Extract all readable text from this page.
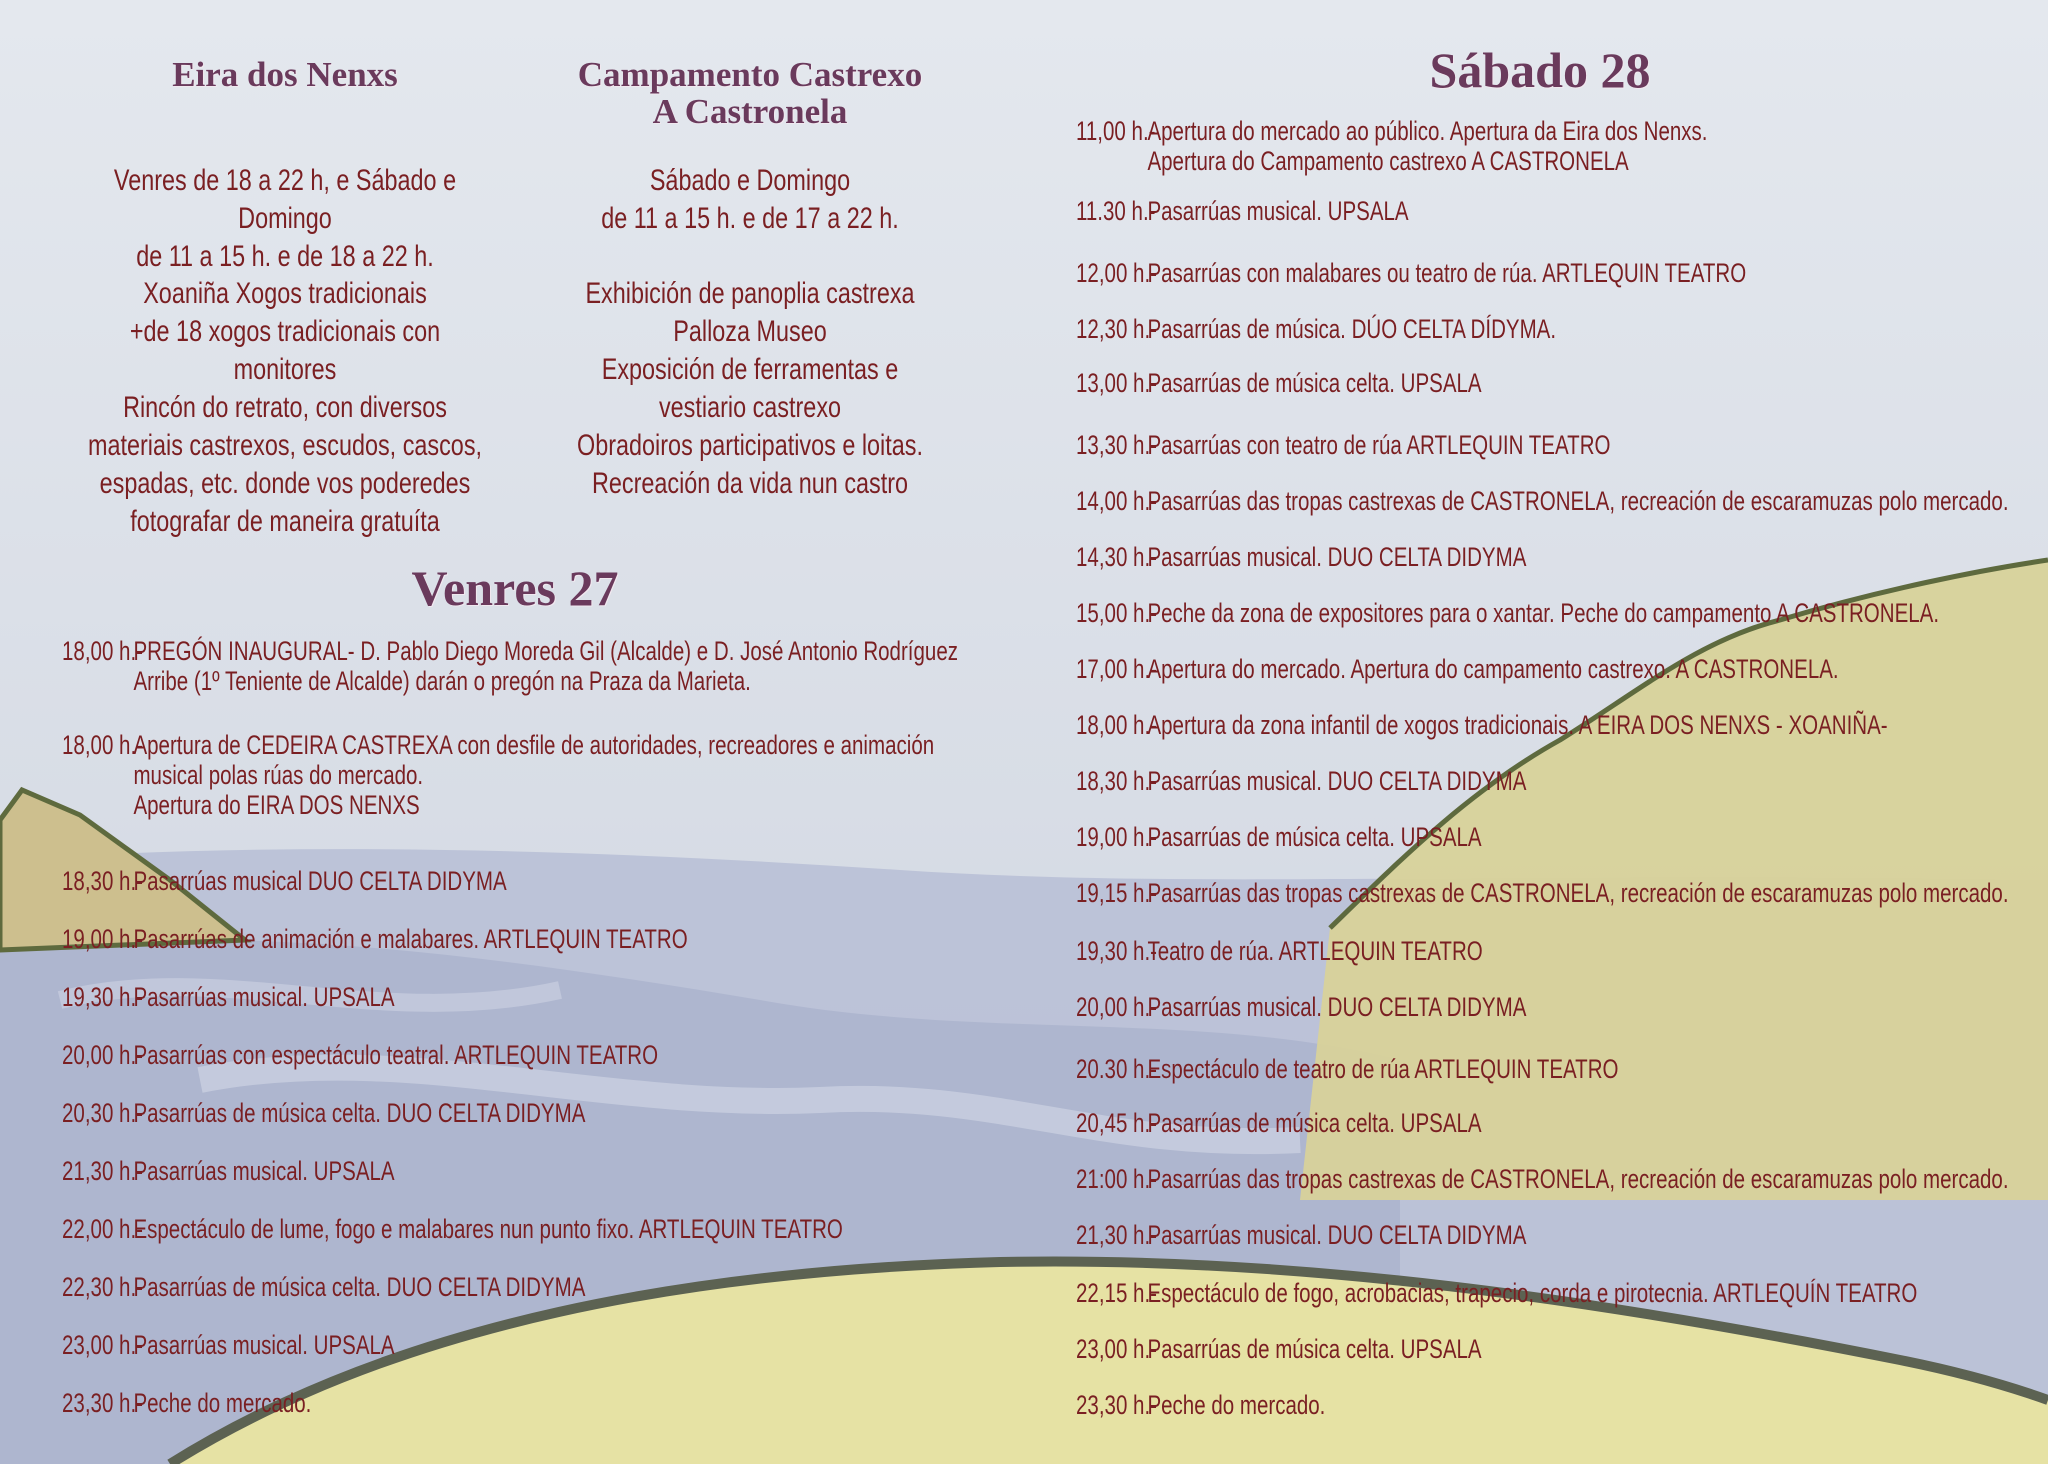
Eira dos Nenxs

Venres de 18 a 22 h, e Sábado e Domingo

de 11 a 15 h. e de 18 a 22 h.

Xoaniña Xogos tradicionais

+de 18 xogos tradicionais con monitores

Rincón do retrato, con diversos

materiais castrexos, escudos, cascos,

espadas, etc. donde vos poderedes

fotografar de maneira gratuíta

Campamento Castrexo
A Castronela

Sábado e Domingo

de 11 a 15 h. e de 17 a 22 h.

Exhibición de panoplia castrexa

Palloza Museo

Exposición de ferramentas e

vestiario castrexo

Obradoiros participativos e loitas.

Recreación da vida nun castro

Venres 27
18,00 h.-
PREGÓN INAUGURAL- D. Pablo Diego Moreda Gil (Alcalde) e D. José Antonio Rodríguez
Arribe (1º Teniente de Alcalde) darán o pregón na Praza da Marieta.
18,00 h.-
Apertura de CEDEIRA CASTREXA con desfile de autoridades, recreadores e animación
musical polas rúas do mercado.
Apertura do EIRA DOS NENXS
18,30 h.-
Pasarrúas musical DUO CELTA DIDYMA
19,00 h.-
Pasarrúas de animación e malabares. ARTLEQUIN TEATRO
19,30 h.-
Pasarrúas musical. UPSALA
20,00 h.-
Pasarrúas con espectáculo teatral. ARTLEQUIN TEATRO
20,30 h.-
Pasarrúas de música celta. DUO CELTA DIDYMA
21,30 h.-
Pasarrúas musical. UPSALA
22,00 h.-
Espectáculo de lume, fogo e malabares nun punto fixo. ARTLEQUIN TEATRO
22,30 h.-
Pasarrúas de música celta. DUO CELTA DIDYMA
23,00 h.-
Pasarrúas musical. UPSALA
23,30 h.-
Peche do mercado.
Sábado 28
11,00 h.-
Apertura do mercado ao público. Apertura da Eira dos Nenxs.
Apertura do Campamento castrexo A CASTRONELA
11.30 h.-
Pasarrúas musical. UPSALA
12,00 h.-
Pasarrúas con malabares ou teatro de rúa. ARTLEQUIN TEATRO
12,30 h.-
Pasarrúas de música. DÚO CELTA DÍDYMA.
13,00 h.-
Pasarrúas de música celta. UPSALA
13,30 h.-
Pasarrúas con teatro de rúa ARTLEQUIN TEATRO
14,00 h.-
Pasarrúas das tropas castrexas de CASTRONELA, recreación de escaramuzas polo mercado.
14,30 h.-
Pasarrúas musical. DUO CELTA DIDYMA
15,00 h.-
Peche da zona de expositores para o xantar. Peche do campamento A CASTRONELA.
17,00 h.-
Apertura do mercado. Apertura do campamento castrexo. A CASTRONELA.
18,00 h.-
Apertura da zona infantil de xogos tradicionais. A EIRA DOS NENXS - XOANIÑA-
18,30 h.-
Pasarrúas musical. DUO CELTA DIDYMA
19,00 h.-
Pasarrúas de música celta. UPSALA
19,15 h.-
Pasarrúas das tropas castrexas de CASTRONELA, recreación de escaramuzas polo mercado.
19,30 h.-
Teatro de rúa. ARTLEQUIN TEATRO
20,00 h.-
Pasarrúas musical. DUO CELTA DIDYMA
20.30 h.-
Espectáculo de teatro de rúa ARTLEQUIN TEATRO
20,45 h.-
Pasarrúas de música celta. UPSALA
21:00 h.-
Pasarrúas das tropas castrexas de CASTRONELA, recreación de escaramuzas polo mercado.
21,30 h.-
Pasarrúas musical. DUO CELTA DIDYMA
22,15 h.-
Espectáculo de fogo, acrobacias, trapecio, corda e pirotecnia. ARTLEQUÍN TEATRO
23,00 h.-
Pasarrúas de música celta. UPSALA
23,30 h.-
Peche do mercado.
